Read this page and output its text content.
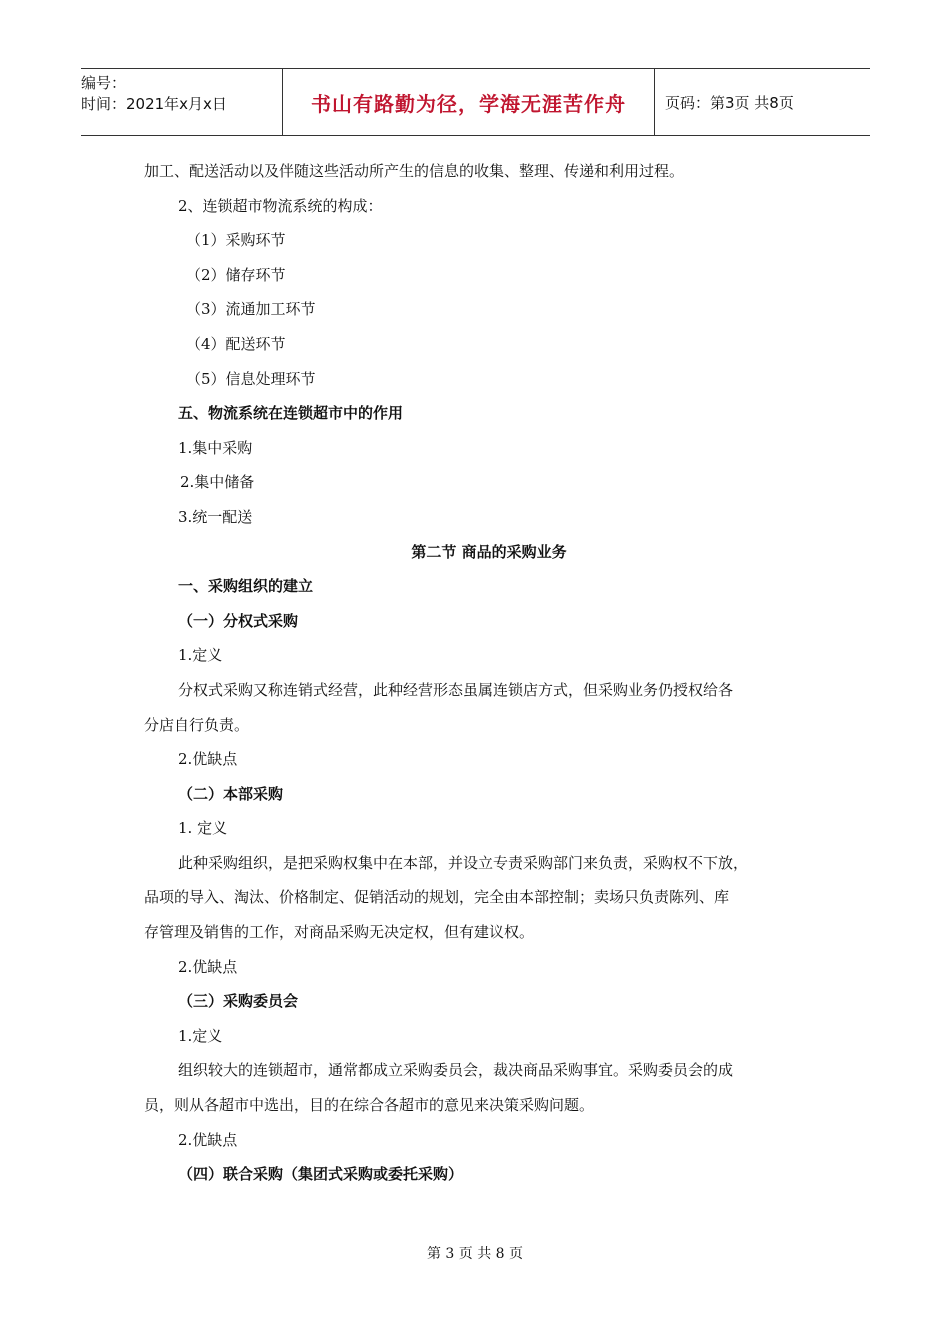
编号：
时间：2021年x月x日	书山有路勤为径，学海无涯苦作舟	页码：第3页 共8页
加工、配送活动以及伴随这些活动所产生的信息的收集、整理、传递和利用过程。
2、连锁超市物流系统的构成：
（1）采购环节
（2）储存环节
（3）流通加工环节
（4）配送环节
（5）信息处理环节
五、物流系统在连锁超市中的作用
1.集中采购
2.集中储备
3.统一配送
第二节 商品的采购业务
一、采购组织的建立
（一）分权式采购
1.定义
分权式采购又称连销式经营，此种经营形态虽属连锁店方式，但采购业务仍授权给各
分店自行负责。
2.优缺点
（二）本部采购
1. 定义
此种采购组织，是把采购权集中在本部，并设立专责采购部门来负责，采购权不下放，
品项的导入、淘汰、价格制定、促销活动的规划，完全由本部控制；卖场只负责陈列、库
存管理及销售的工作，对商品采购无决定权，但有建议权。
2.优缺点
（三）采购委员会
1.定义
组织较大的连锁超市，通常都成立采购委员会，裁决商品采购事宜。采购委员会的成
员，则从各超市中选出，目的在综合各超市的意见来决策采购问题。
2.优缺点
（四）联合采购（集团式采购或委托采购）
第 3 页 共 8 页
